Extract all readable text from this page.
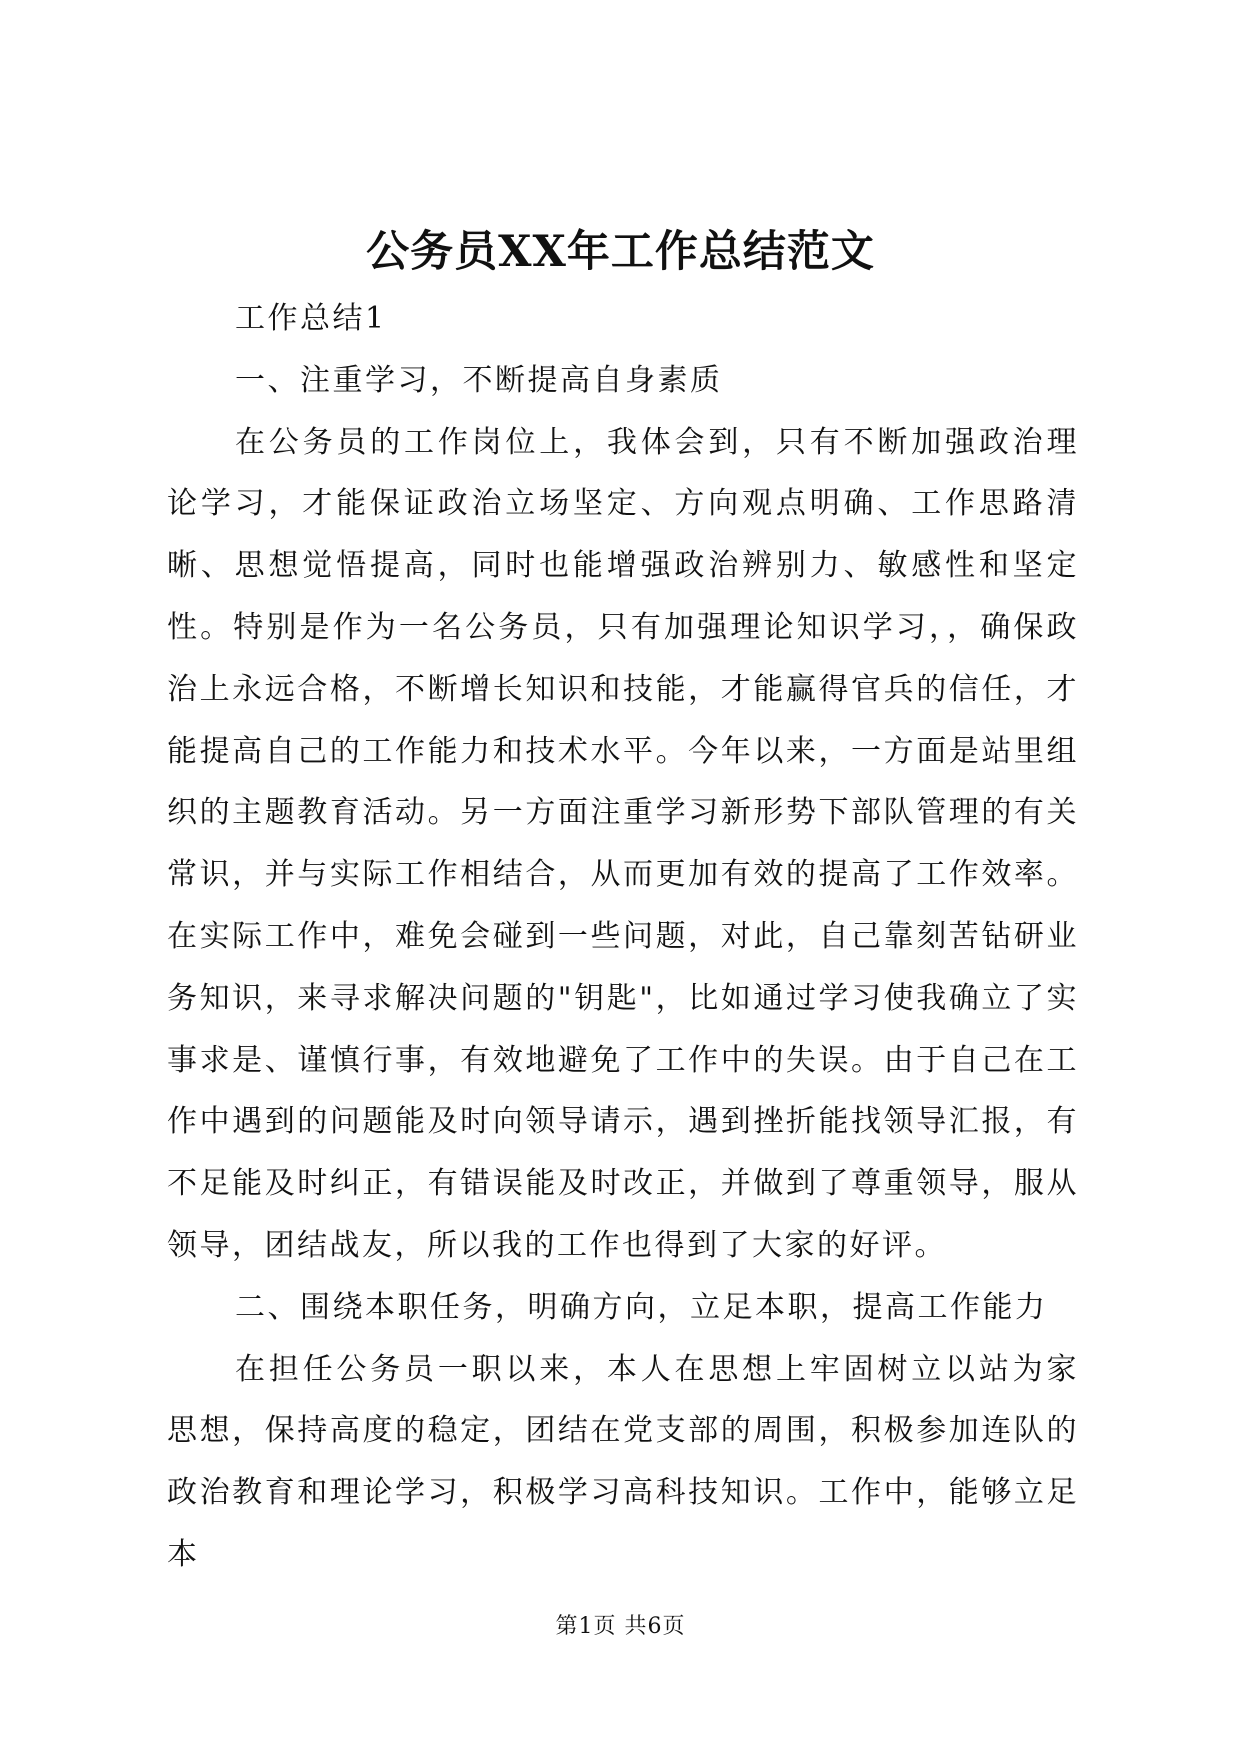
公务员XX年工作总结范文

工作总结1

一、注重学习，不断提高自身素质

在公务员的工作岗位上，我体会到，只有不断加强政治理论学习，才能保证政治立场坚定、方向观点明确、工作思路清晰、思想觉悟提高，同时也能增强政治辨别力、敏感性和坚定性。特别是作为一名公务员，只有加强理论知识学习，，确保政治上永远合格，不断增长知识和技能，才能赢得官兵的信任，才能提高自己的工作能力和技术水平。今年以来，一方面是站里组织的主题教育活动。另一方面注重学习新形势下部队管理的有关常识，并与实际工作相结合，从而更加有效的提高了工作效率。在实际工作中，难免会碰到一些问题，对此，自己靠刻苦钻研业务知识，来寻求解决问题的"钥匙"，比如通过学习使我确立了实事求是、谨慎行事，有效地避免了工作中的失误。由于自己在工作中遇到的问题能及时向领导请示，遇到挫折能找领导汇报，有不足能及时纠正，有错误能及时改正，并做到了尊重领导，服从领导，团结战友，所以我的工作也得到了大家的好评。

二、围绕本职任务，明确方向，立足本职，提高工作能力

在担任公务员一职以来，本人在思想上牢固树立以站为家思想，保持高度的稳定，团结在党支部的周围，积极参加连队的政治教育和理论学习，积极学习高科技知识。工作中，能够立足本

第1页 共6页
